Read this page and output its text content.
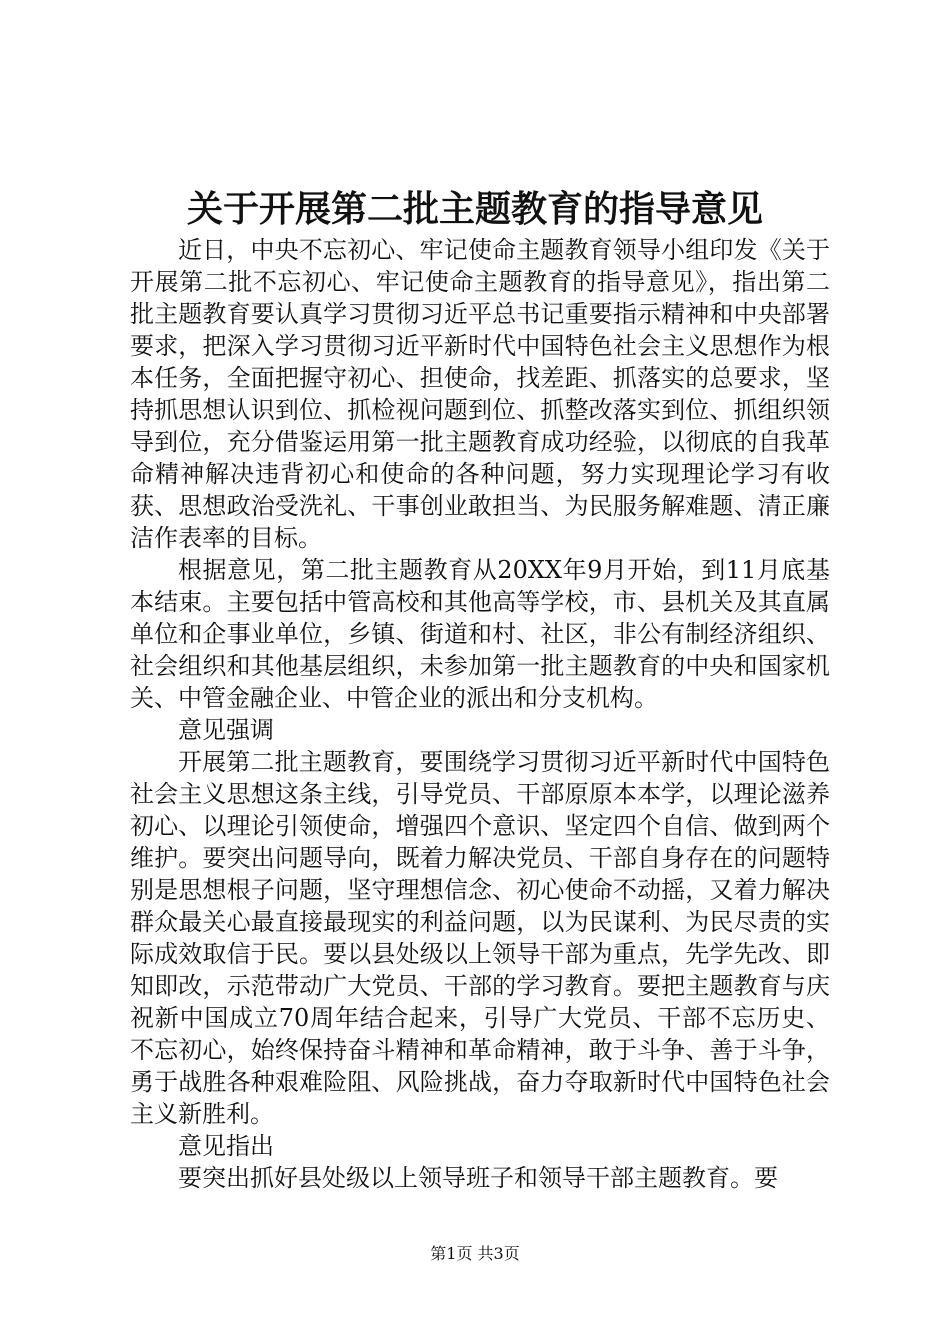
关于开展第二批主题教育的指导意见

近日，中央不忘初心、牢记使命主题教育领导小组印发《关于开展第二批不忘初心、牢记使命主题教育的指导意见》，指出第二批主题教育要认真学习贯彻习近平总书记重要指示精神和中央部署要求，把深入学习贯彻习近平新时代中国特色社会主义思想作为根本任务，全面把握守初心、担使命，找差距、抓落实的总要求，坚持抓思想认识到位、抓检视问题到位、抓整改落实到位、抓组织领导到位，充分借鉴运用第一批主题教育成功经验，以彻底的自我革命精神解决违背初心和使命的各种问题，努力实现理论学习有收获、思想政治受洗礼、干事创业敢担当、为民服务解难题、清正廉洁作表率的目标。

根据意见，第二批主题教育从20XX年9月开始，到11月底基本结束。主要包括中管高校和其他高等学校，市、县机关及其直属单位和企事业单位，乡镇、街道和村、社区，非公有制经济组织、社会组织和其他基层组织，未参加第一批主题教育的中央和国家机关、中管金融企业、中管企业的派出和分支机构。

意见强调

开展第二批主题教育，要围绕学习贯彻习近平新时代中国特色社会主义思想这条主线，引导党员、干部原原本本学，以理论滋养初心、以理论引领使命，增强四个意识、坚定四个自信、做到两个维护。要突出问题导向，既着力解决党员、干部自身存在的问题特别是思想根子问题，坚守理想信念、初心使命不动摇，又着力解决群众最关心最直接最现实的利益问题，以为民谋利、为民尽责的实际成效取信于民。要以县处级以上领导干部为重点，先学先改、即知即改，示范带动广大党员、干部的学习教育。要把主题教育与庆祝新中国成立70周年结合起来，引导广大党员、干部不忘历史、不忘初心，始终保持奋斗精神和革命精神，敢于斗争、善于斗争，勇于战胜各种艰难险阻、风险挑战，奋力夺取新时代中国特色社会主义新胜利。

意见指出

要突出抓好县处级以上领导班子和领导干部主题教育。要

第1页 共3页
